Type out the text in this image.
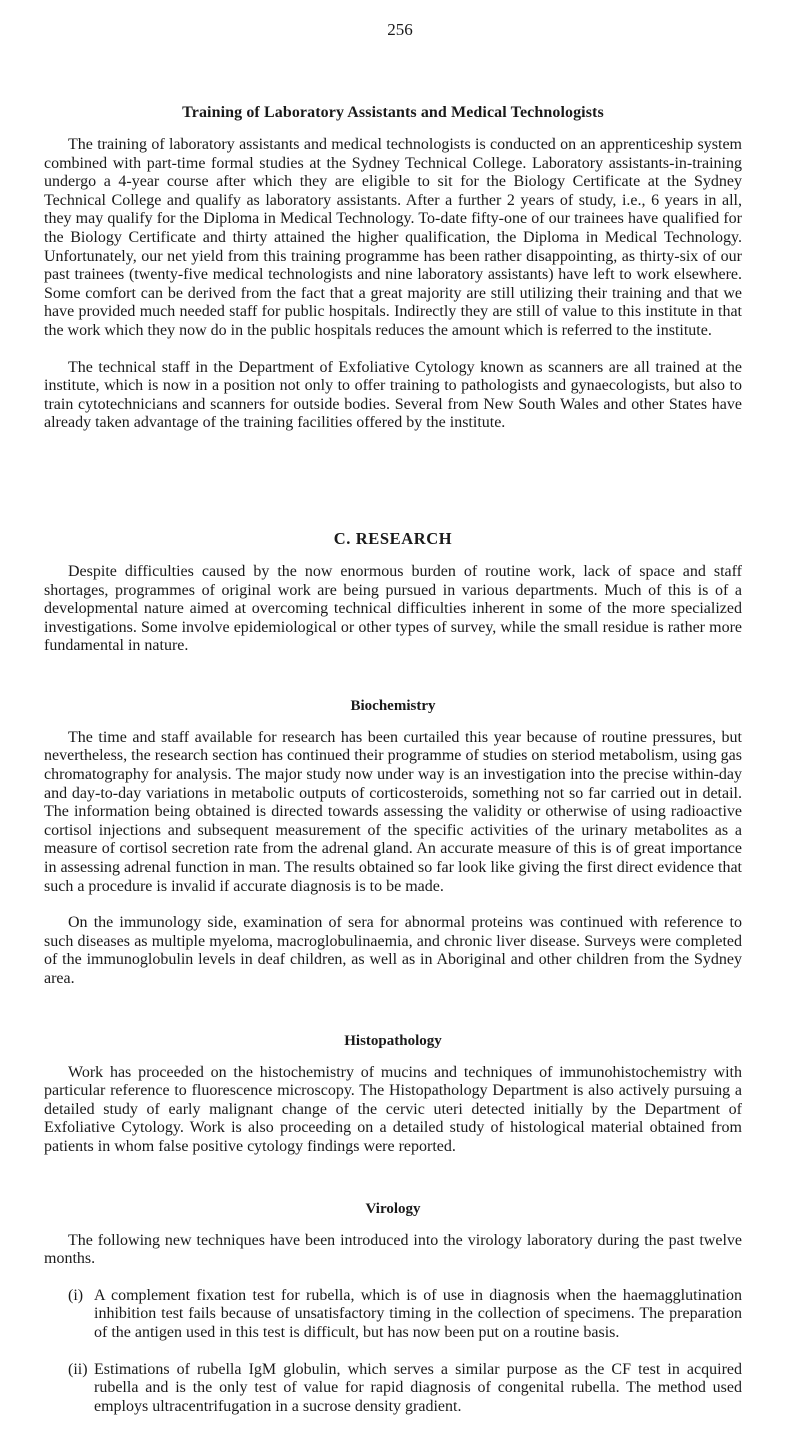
256
Training of Laboratory Assistants and Medical Technologists

The training of laboratory assistants and medical technologists is conducted on an apprenticeship system combined with part-time formal studies at the Sydney Technical College. Laboratory assistants-in-training undergo a 4-year course after which they are eligible to sit for the Biology Certificate at the Sydney Technical College and qualify as laboratory assistants. After a further 2 years of study, i.e., 6 years in all, they may qualify for the Diploma in Medical Technology. To-date fifty-one of our trainees have qualified for the Biology Certificate and thirty attained the higher qualification, the Diploma in Medical Technology. Unfortunately, our net yield from this training programme has been rather disappointing, as thirty-six of our past trainees (twenty-five medical technologists and nine laboratory assistants) have left to work elsewhere. Some comfort can be derived from the fact that a great majority are still utilizing their training and that we have provided much needed staff for public hospitals. Indirectly they are still of value to this institute in that the work which they now do in the public hospitals reduces the amount which is referred to the institute.

The technical staff in the Department of Exfoliative Cytology known as scanners are all trained at the institute, which is now in a position not only to offer training to pathologists and gynaecologists, but also to train cytotechnicians and scanners for outside bodies. Several from New South Wales and other States have already taken advantage of the training facilities offered by the institute.

C. RESEARCH

Despite difficulties caused by the now enormous burden of routine work, lack of space and staff shortages, programmes of original work are being pursued in various departments. Much of this is of a developmental nature aimed at overcoming technical difficulties inherent in some of the more specialized investigations. Some involve epidemiological or other types of survey, while the small residue is rather more fundamental in nature.

Biochemistry

The time and staff available for research has been curtailed this year because of routine pressures, but nevertheless, the research section has continued their programme of studies on steriod metabolism, using gas chromatography for analysis. The major study now under way is an investigation into the precise within-day and day-to-day variations in metabolic outputs of corticosteroids, something not so far carried out in detail. The information being obtained is directed towards assessing the validity or otherwise of using radioactive cortisol injections and subsequent measurement of the specific activities of the urinary metabolites as a measure of cortisol secretion rate from the adrenal gland. An accurate measure of this is of great importance in assessing adrenal function in man. The results obtained so far look like giving the first direct evidence that such a procedure is invalid if accurate diagnosis is to be made.

On the immunology side, examination of sera for abnormal proteins was continued with reference to such diseases as multiple myeloma, macroglobulinaemia, and chronic liver disease. Surveys were completed of the immunoglobulin levels in deaf children, as well as in Aboriginal and other children from the Sydney area.

Histopathology

Work has proceeded on the histochemistry of mucins and techniques of immunohistochemistry with particular reference to fluorescence microscopy. The Histopathology Department is also actively pursuing a detailed study of early malignant change of the cervic uteri detected initially by the Department of Exfoliative Cytology. Work is also proceeding on a detailed study of histological material obtained from patients in whom false positive cytology findings were reported.

Virology

The following new techniques have been introduced into the virology laboratory during the past twelve months.

(i) A complement fixation test for rubella, which is of use in diagnosis when the haemagglutination inhibition test fails because of unsatisfactory timing in the collection of specimens. The preparation of the antigen used in this test is difficult, but has now been put on a routine basis.
(ii) Estimations of rubella IgM globulin, which serves a similar purpose as the CF test in acquired rubella and is the only test of value for rapid diagnosis of congenital rubella. The method used employs ultracentrifugation in a sucrose density gradient.
